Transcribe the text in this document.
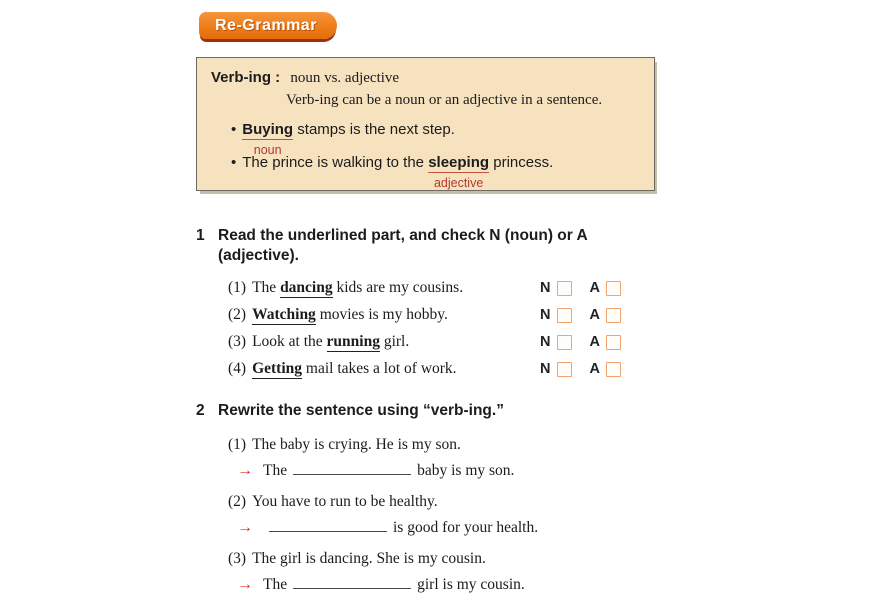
Re-Grammar
Verb-ing : noun vs. adjective
Verb-ing can be a noun or an adjective in a sentence.
• Buying
noun
stamps is the next step.
• The prince is walking to the sleeping
adjective
princess.
1 Read the underlined part, and check N (noun) or A (adjective).
(1) The dancing kids are my cousins.	N	A
(2) Watching movies is my hobby.	N	A
(3) Look at the running girl.	N	A
(4) Getting mail takes a lot of work.	N	A
2 Rewrite the sentence using “verb-ing.”
(1) The baby is crying. He is my son.
→ The	baby is my son.
(2) You have to run to be healthy.
→	is good for your health.
(3) The girl is dancing. She is my cousin.
→ The	girl is my cousin.
